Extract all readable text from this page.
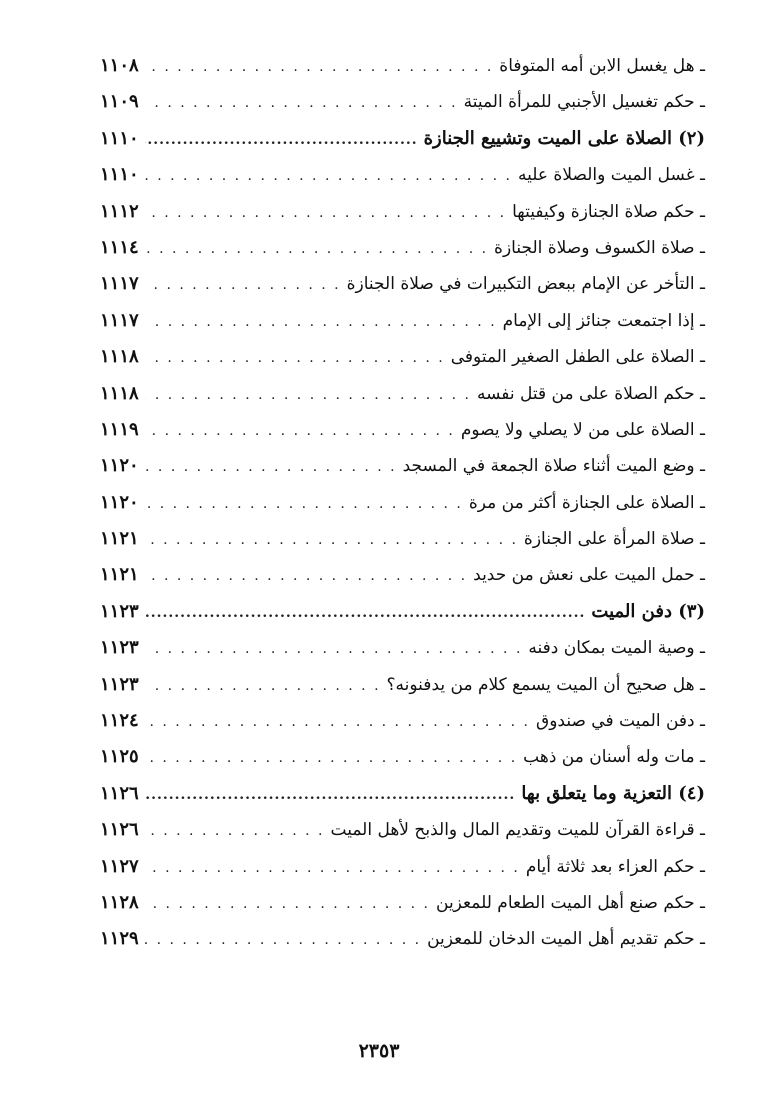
ـ هل يغسل الابن أمه المتوفاة
. . .
١١٠٨
ـ حكم تغسيل الأجنبي للمرأة الميتة
. . .
١١٠٩
(٢) الصلاة على الميت وتشييع الجنازة
.....
١١١٠
ـ غسل الميت والصلاة عليه
. . .
١١١٠
ـ حكم صلاة الجنازة وكيفيتها
. . .
١١١٢
ـ صلاة الكسوف وصلاة الجنازة
. . .
١١١٤
ـ التأخر عن الإمام ببعض التكبيرات في صلاة الجنازة
. . .
١١١٧
ـ إذا اجتمعت جنائز إلى الإمام
. . .
١١١٧
ـ الصلاة على الطفل الصغير المتوفى
. . .
١١١٨
ـ حكم الصلاة على من قتل نفسه
. . .
١١١٨
ـ الصلاة على من لا يصلي ولا يصوم
. . .
١١١٩
ـ وضع الميت أثناء صلاة الجمعة في المسجد
. . .
١١٢٠
ـ الصلاة على الجنازة أكثر من مرة
. . .
١١٢٠
ـ صلاة المرأة على الجنازة
. . .
١١٢١
ـ حمل الميت على نعش من حديد
. . .
١١٢١
(٣) دفن الميت
.....
١١٢٣
ـ وصية الميت بمكان دفنه
. . .
١١٢٣
ـ هل صحيح أن الميت يسمع كلام من يدفنونه؟
. . .
١١٢٣
ـ دفن الميت في صندوق
. . .
١١٢٤
ـ مات وله أسنان من ذهب
. . .
١١٢٥
(٤) التعزية وما يتعلق بها
.....
١١٢٦
ـ قراءة القرآن للميت وتقديم المال والذبح لأهل الميت
. . .
١١٢٦
ـ حكم العزاء بعد ثلاثة أيام
. . .
١١٢٧
ـ حكم صنع أهل الميت الطعام للمعزين
. . .
١١٢٨
ـ حكم تقديم أهل الميت الدخان للمعزين
. . .
١١٢٩
٢٣٥٣
